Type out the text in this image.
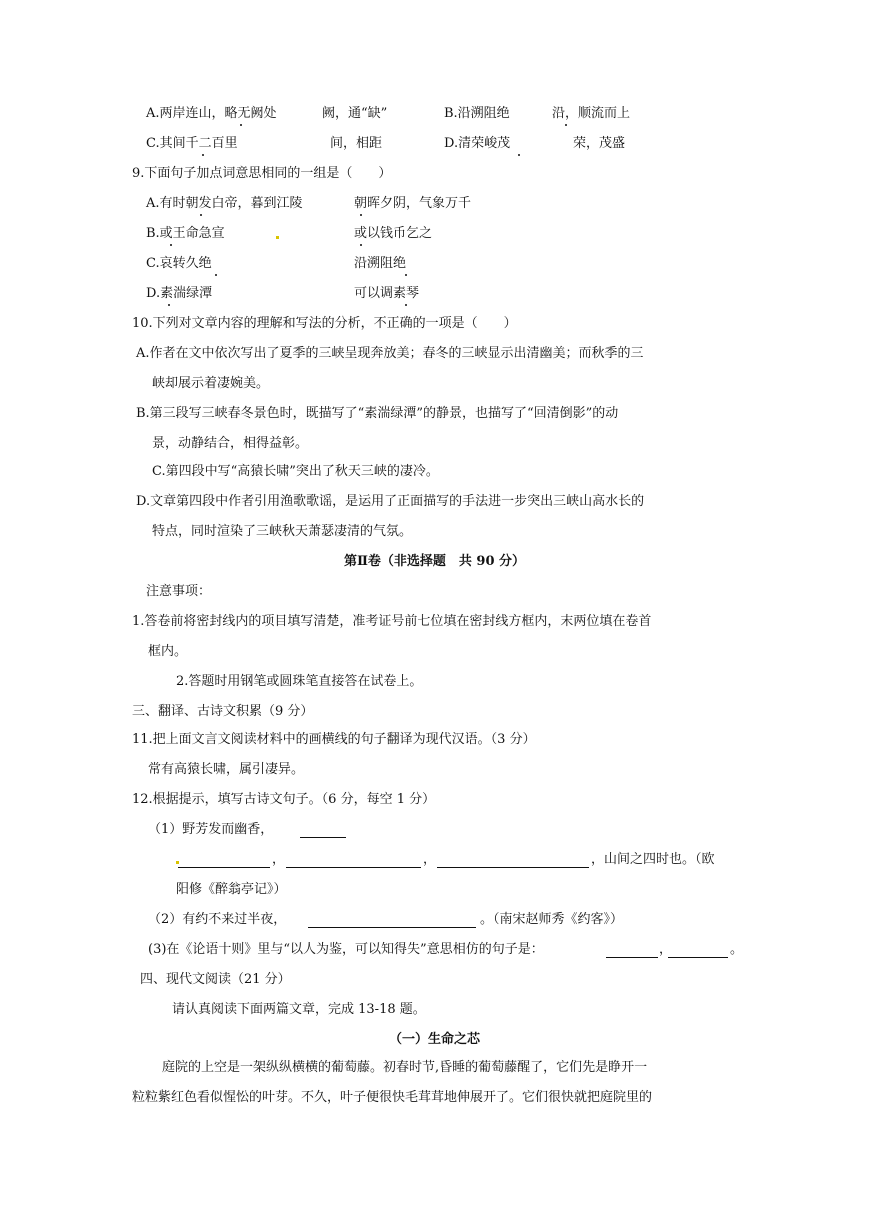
A.两岸连山，略无阙处	阙，通“缺”	B.沿溯阻绝	沿，顺流而上
C.其间千二百里	间，相距	D.清荣峻茂	荣，茂盛
9.下面句子加点词意思相同的一组是（　　）
A.有时朝发白帝，暮到江陵	朝晖夕阴，气象万千
B.或王命急宣	或以钱币乞之
C.哀转久绝	沿溯阻绝
D.素湍绿潭	可以调素琴
10.下列对文章内容的理解和写法的分析，不正确的一项是（　　）
A.作者在文中依次写出了夏季的三峡呈现奔放美；春冬的三峡显示出清幽美；而秋季的三
峡却展示着凄婉美。
B.第三段写三峡春冬景色时，既描写了“素湍绿潭”的静景，也描写了“回清倒影”的动
景，动静结合，相得益彰。
C.第四段中写“高猿长啸”突出了秋天三峡的凄冷。
D.文章第四段中作者引用渔歌歌谣，是运用了正面描写的手法进一步突出三峡山高水长的
特点，同时渲染了三峡秋天萧瑟凄清的气氛。
第Ⅱ卷（非选择题　共 90 分）
注意事项：
1.答卷前将密封线内的项目填写清楚，准考证号前七位填在密封线方框内，末两位填在卷首
框内。
2.答题时用钢笔或圆珠笔直接答在试卷上。
三、翻译、古诗文积累（9 分）
11.把上面文言文阅读材料中的画横线的句子翻译为现代汉语。（3 分）
常有高猿长啸，属引凄异。
12.根据提示，填写古诗文句子。（6 分，每空 1 分）
（1）野芳发而幽香，
，	，	，山间之四时也。（欧
阳修《醉翁亭记》）
（2）有约不来过半夜，	。（南宋赵师秀《约客》）
(3)在《论语十则》里与“以人为鉴，可以知得失”意思相仿的句子是：	，	。
四、现代文阅读（21 分）
请认真阅读下面两篇文章，完成 13-18 题。
（一）生命之芯
庭院的上空是一架纵纵横横的葡萄藤。初春时节,昏睡的葡萄藤醒了，它们先是睁开一
粒粒紫红色看似惺忪的叶芽。不久，叶子便很快毛茸茸地伸展开了。它们很快就把庭院里的
